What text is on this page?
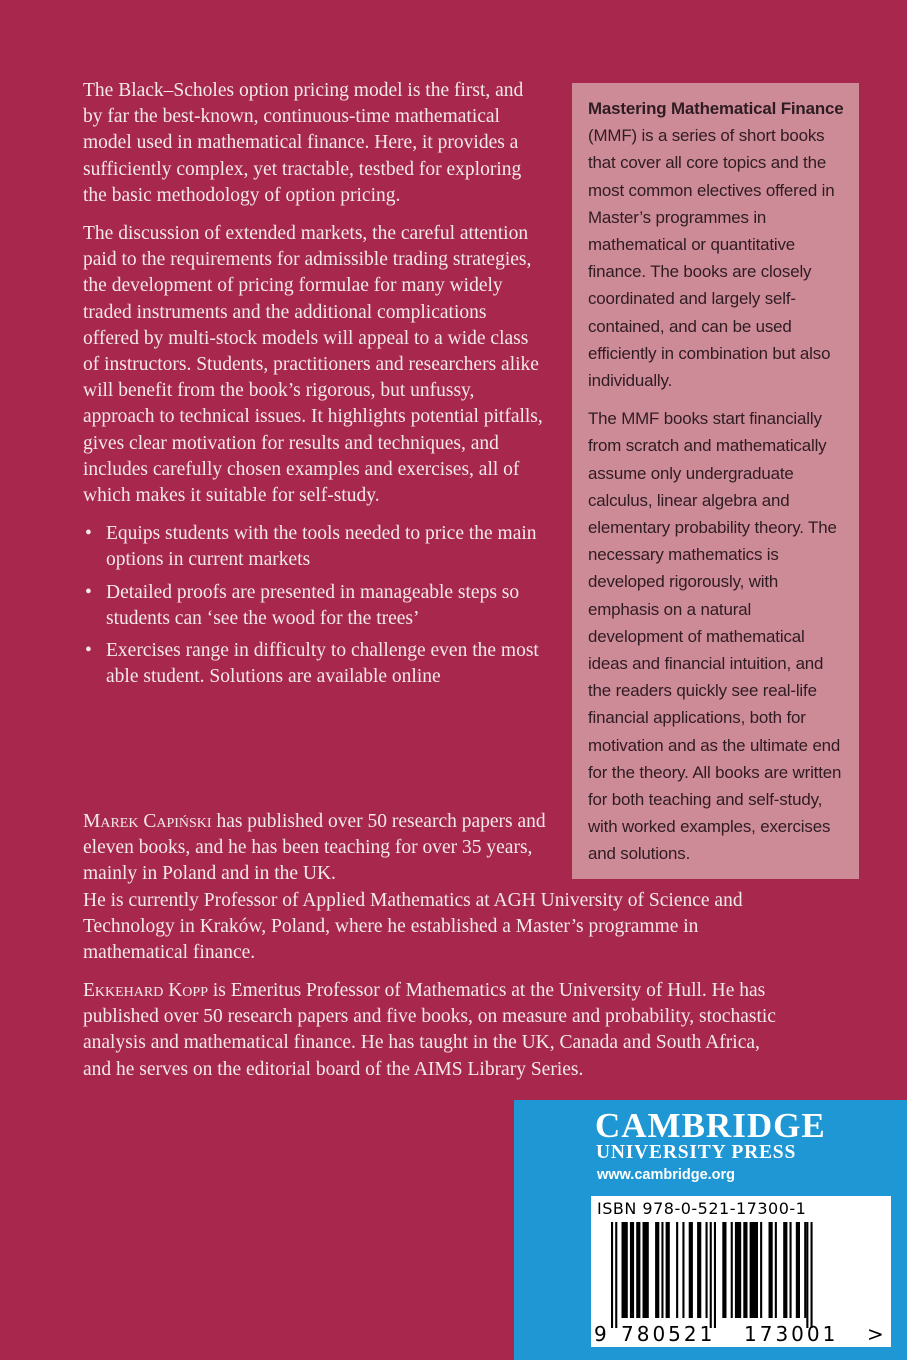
The Black–Scholes option pricing model is the first, and by far the best-known, continuous-time mathematical model used in mathematical finance. Here, it provides a sufficiently complex, yet tractable, testbed for exploring the basic methodology of option pricing.

The discussion of extended markets, the careful attention paid to the requirements for admissible trading strategies, the development of pricing formulae for many widely traded instruments and the additional complications offered by multi-stock models will appeal to a wide class of instructors. Students, practitioners and researchers alike will benefit from the book’s rigorous, but unfussy, approach to technical issues. It highlights potential pitfalls, gives clear motivation for results and techniques, and includes carefully chosen examples and exercises, all of which makes it suitable for self-study.

• Equips students with the tools needed to price the main options in current markets
• Detailed proofs are presented in manageable steps so students can ‘see the wood for the trees’
• Exercises range in difficulty to challenge even the most able student. Solutions are available online

Marek Capiński has published over 50 research papers and eleven books, and he has been teaching for over 35 years, mainly in Poland and in the UK.
He is currently Professor of Applied Mathematics at AGH University of Science and Technology in Kraków, Poland, where he established a Master’s programme in mathematical finance.

Ekkehard Kopp is Emeritus Professor of Mathematics at the University of Hull. He has published over 50 research papers and five books, on measure and probability, stochastic analysis and mathematical finance. He has taught in the UK, Canada and South Africa, and he serves on the editorial board of the AIMS Library Series.

Mastering Mathematical Finance (MMF) is a series of short books that cover all core topics and the most common electives offered in Master’s programmes in mathematical or quantitative finance. The books are closely coordinated and largely self-contained, and can be used efficiently in combination but also individually.

The MMF books start financially from scratch and mathematically assume only undergraduate calculus, linear algebra and elementary probability theory. The necessary mathematics is developed rigorously, with emphasis on a natural development of mathematical ideas and financial intuition, and the readers quickly see real-life financial applications, both for motivation and as the ultimate end for the theory. All books are written for both teaching and self-study, with worked examples, exercises and solutions.

CAMBRIDGE
UNIVERSITY PRESS
www.cambridge.org
ISBN 978-0-521-17300-1
9 780521 173001 >
